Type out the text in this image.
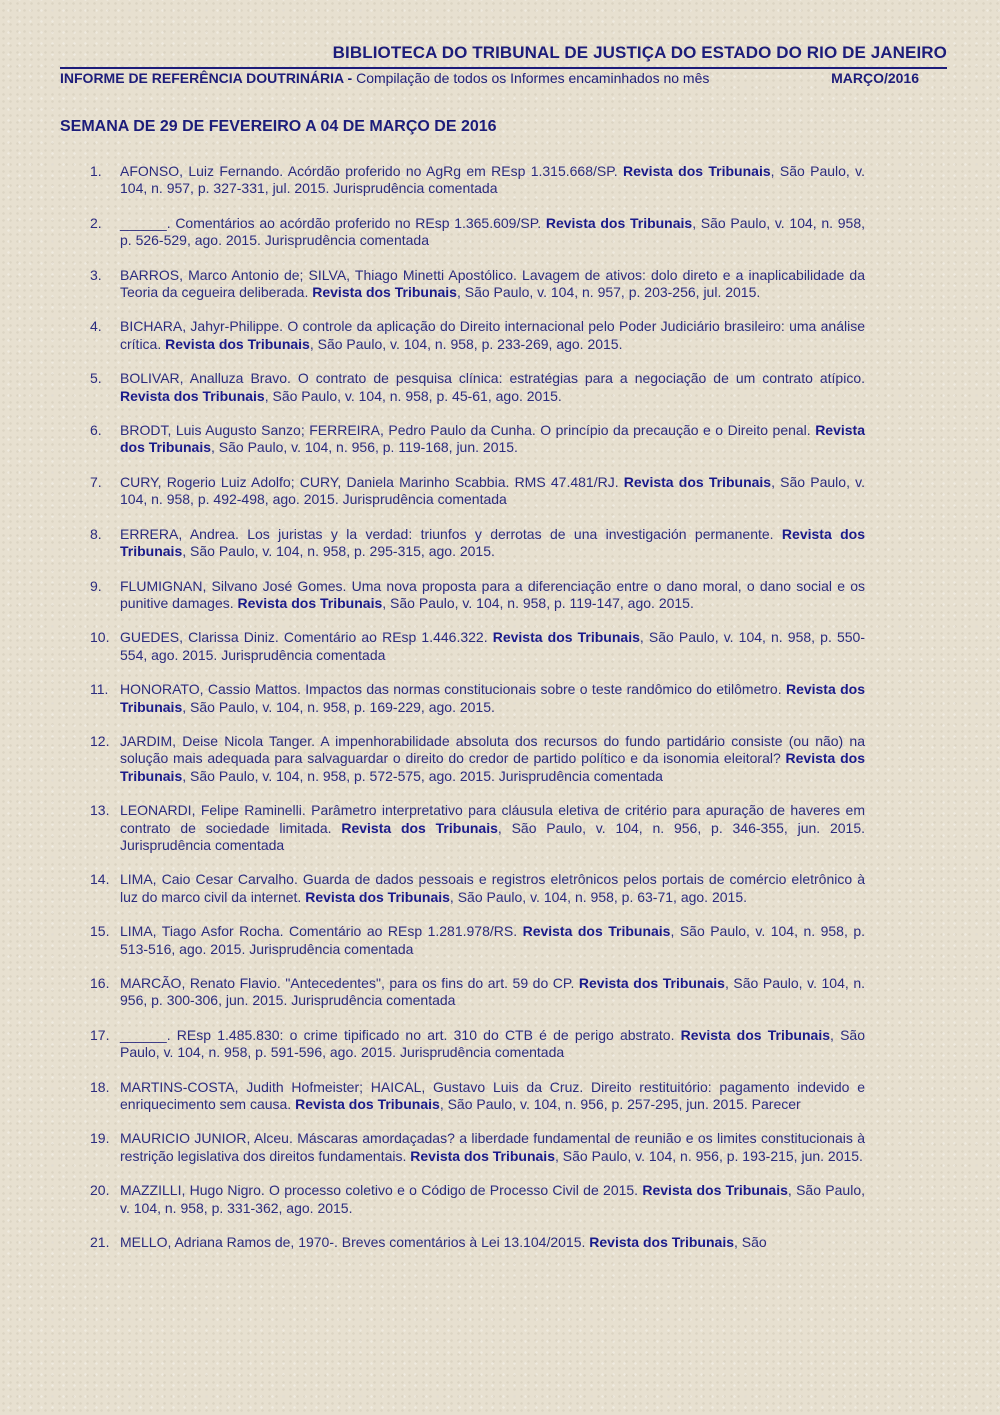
BIBLIOTECA DO TRIBUNAL DE JUSTIÇA DO ESTADO DO RIO DE JANEIRO
INFORME DE REFERÊNCIA DOUTRINÁRIA - Compilação de todos os Informes encaminhados no mês	MARÇO/2016
SEMANA DE 29 DE FEVEREIRO A 04 DE MARÇO DE 2016
1. AFONSO, Luiz Fernando. Acórdão proferido no AgRg em REsp 1.315.668/SP. Revista dos Tribunais, São Paulo, v. 104, n. 957, p. 327-331, jul. 2015. Jurisprudência comentada
2. ______. Comentários ao acórdão proferido no REsp 1.365.609/SP. Revista dos Tribunais, São Paulo, v. 104, n. 958, p. 526-529, ago. 2015. Jurisprudência comentada
3. BARROS, Marco Antonio de; SILVA, Thiago Minetti Apostólico. Lavagem de ativos: dolo direto e a inaplicabilidade da Teoria da cegueira deliberada. Revista dos Tribunais, São Paulo, v. 104, n. 957, p. 203-256, jul. 2015.
4. BICHARA, Jahyr-Philippe. O controle da aplicação do Direito internacional pelo Poder Judiciário brasileiro: uma análise crítica. Revista dos Tribunais, São Paulo, v. 104, n. 958, p. 233-269, ago. 2015.
5. BOLIVAR, Analluza Bravo. O contrato de pesquisa clínica: estratégias para a negociação de um contrato atípico. Revista dos Tribunais, São Paulo, v. 104, n. 958, p. 45-61, ago. 2015.
6. BRODT, Luis Augusto Sanzo; FERREIRA, Pedro Paulo da Cunha. O princípio da precaução e o Direito penal. Revista dos Tribunais, São Paulo, v. 104, n. 956, p. 119-168, jun. 2015.
7. CURY, Rogerio Luiz Adolfo; CURY, Daniela Marinho Scabbia. RMS 47.481/RJ. Revista dos Tribunais, São Paulo, v. 104, n. 958, p. 492-498, ago. 2015. Jurisprudência comentada
8. ERRERA, Andrea. Los juristas y la verdad: triunfos y derrotas de una investigación permanente. Revista dos Tribunais, São Paulo, v. 104, n. 958, p. 295-315, ago. 2015.
9. FLUMIGNAN, Silvano José Gomes. Uma nova proposta para a diferenciação entre o dano moral, o dano social e os punitive damages. Revista dos Tribunais, São Paulo, v. 104, n. 958, p. 119-147, ago. 2015.
10. GUEDES, Clarissa Diniz. Comentário ao REsp 1.446.322. Revista dos Tribunais, São Paulo, v. 104, n. 958, p. 550-554, ago. 2015. Jurisprudência comentada
11. HONORATO, Cassio Mattos. Impactos das normas constitucionais sobre o teste randômico do etilômetro. Revista dos Tribunais, São Paulo, v. 104, n. 958, p. 169-229, ago. 2015.
12. JARDIM, Deise Nicola Tanger. A impenhorabilidade absoluta dos recursos do fundo partidário consiste (ou não) na solução mais adequada para salvaguardar o direito do credor de partido político e da isonomia eleitoral? Revista dos Tribunais, São Paulo, v. 104, n. 958, p. 572-575, ago. 2015. Jurisprudência comentada
13. LEONARDI, Felipe Raminelli. Parâmetro interpretativo para cláusula eletiva de critério para apuração de haveres em contrato de sociedade limitada. Revista dos Tribunais, São Paulo, v. 104, n. 956, p. 346-355, jun. 2015. Jurisprudência comentada
14. LIMA, Caio Cesar Carvalho. Guarda de dados pessoais e registros eletrônicos pelos portais de comércio eletrônico à luz do marco civil da internet. Revista dos Tribunais, São Paulo, v. 104, n. 958, p. 63-71, ago. 2015.
15. LIMA, Tiago Asfor Rocha. Comentário ao REsp 1.281.978/RS. Revista dos Tribunais, São Paulo, v. 104, n. 958, p. 513-516, ago. 2015. Jurisprudência comentada
16. MARCÃO, Renato Flavio. "Antecedentes", para os fins do art. 59 do CP. Revista dos Tribunais, São Paulo, v. 104, n. 956, p. 300-306, jun. 2015. Jurisprudência comentada
17. ______. REsp 1.485.830: o crime tipificado no art. 310 do CTB é de perigo abstrato. Revista dos Tribunais, São Paulo, v. 104, n. 958, p. 591-596, ago. 2015. Jurisprudência comentada
18. MARTINS-COSTA, Judith Hofmeister; HAICAL, Gustavo Luis da Cruz. Direito restituitório: pagamento indevido e enriquecimento sem causa. Revista dos Tribunais, São Paulo, v. 104, n. 956, p. 257-295, jun. 2015. Parecer
19. MAURICIO JUNIOR, Alceu. Máscaras amordaçadas? a liberdade fundamental de reunião e os limites constitucionais à restrição legislativa dos direitos fundamentais. Revista dos Tribunais, São Paulo, v. 104, n. 956, p. 193-215, jun. 2015.
20. MAZZILLI, Hugo Nigro. O processo coletivo e o Código de Processo Civil de 2015. Revista dos Tribunais, São Paulo, v. 104, n. 958, p. 331-362, ago. 2015.
21. MELLO, Adriana Ramos de, 1970-. Breves comentários à Lei 13.104/2015. Revista dos Tribunais, São
